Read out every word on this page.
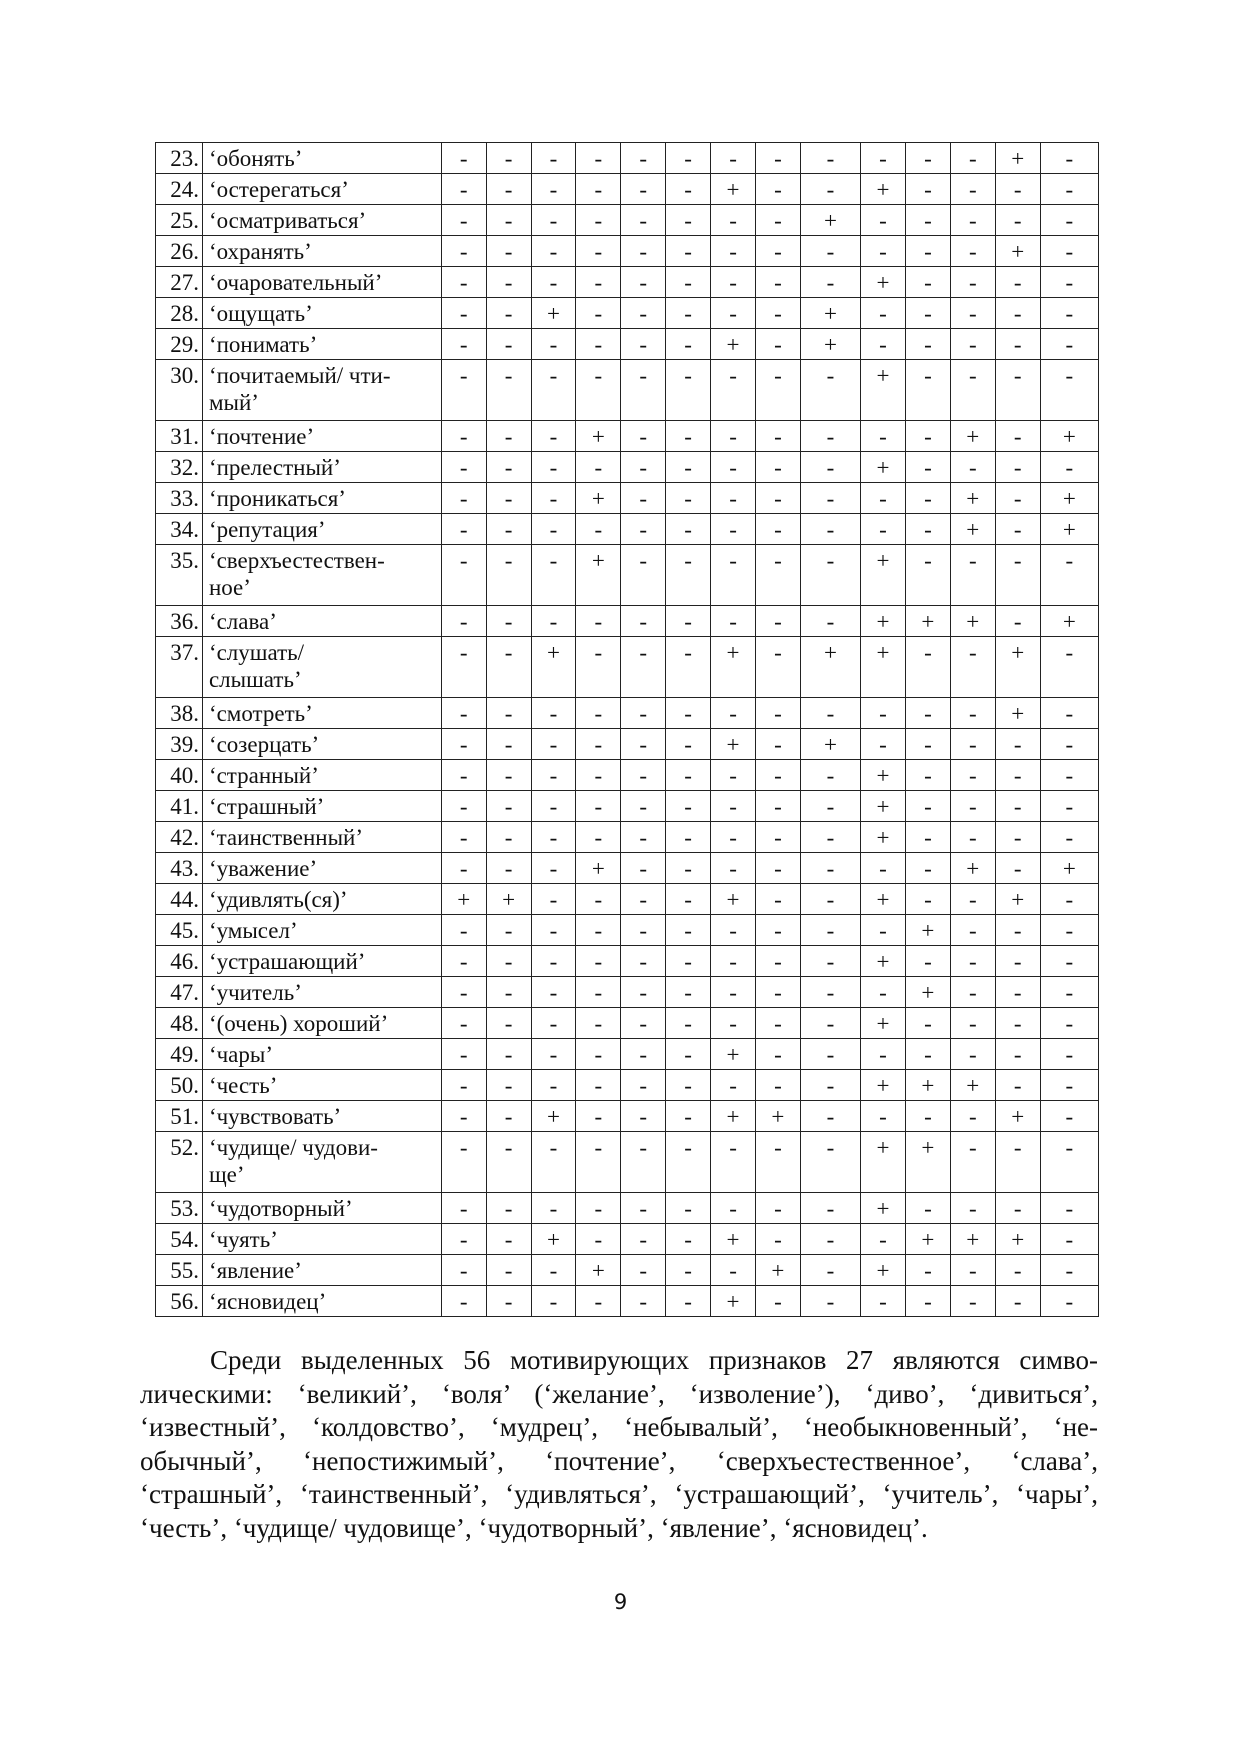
23.	‘обонять’	-	-	-	-	-	-	-	-	-	-	-	-	+	-
24.	‘остерегаться’	-	-	-	-	-	-	+	-	-	+	-	-	-	-
25.	‘осматриваться’	-	-	-	-	-	-	-	-	+	-	-	-	-	-
26.	‘охранять’	-	-	-	-	-	-	-	-	-	-	-	-	+	-
27.	‘очаровательный’	-	-	-	-	-	-	-	-	-	+	-	-	-	-
28.	‘ощущать’	-	-	+	-	-	-	-	-	+	-	-	-	-	-
29.	‘понимать’	-	-	-	-	-	-	+	-	+	-	-	-	-	-
30.	‘почитаемый/ чти-
мый’	-	-	-	-	-	-	-	-	-	+	-	-	-	-
31.	‘почтение’	-	-	-	+	-	-	-	-	-	-	-	+	-	+
32.	‘прелестный’	-	-	-	-	-	-	-	-	-	+	-	-	-	-
33.	‘проникаться’	-	-	-	+	-	-	-	-	-	-	-	+	-	+
34.	‘репутация’	-	-	-	-	-	-	-	-	-	-	-	+	-	+
35.	‘сверхъестествен-
ное’	-	-	-	+	-	-	-	-	-	+	-	-	-	-
36.	‘слава’	-	-	-	-	-	-	-	-	-	+	+	+	-	+
37.	‘слушать/
слышать’	-	-	+	-	-	-	+	-	+	+	-	-	+	-
38.	‘смотреть’	-	-	-	-	-	-	-	-	-	-	-	-	+	-
39.	‘созерцать’	-	-	-	-	-	-	+	-	+	-	-	-	-	-
40.	‘странный’	-	-	-	-	-	-	-	-	-	+	-	-	-	-
41.	‘страшный’	-	-	-	-	-	-	-	-	-	+	-	-	-	-
42.	‘таинственный’	-	-	-	-	-	-	-	-	-	+	-	-	-	-
43.	‘уважение’	-	-	-	+	-	-	-	-	-	-	-	+	-	+
44.	‘удивлять(ся)’	+	+	-	-	-	-	+	-	-	+	-	-	+	-
45.	‘умысел’	-	-	-	-	-	-	-	-	-	-	+	-	-	-
46.	‘устрашающий’	-	-	-	-	-	-	-	-	-	+	-	-	-	-
47.	‘учитель’	-	-	-	-	-	-	-	-	-	-	+	-	-	-
48.	‘(очень) хороший’	-	-	-	-	-	-	-	-	-	+	-	-	-	-
49.	‘чары’	-	-	-	-	-	-	+	-	-	-	-	-	-	-
50.	‘честь’	-	-	-	-	-	-	-	-	-	+	+	+	-	-
51.	‘чувствовать’	-	-	+	-	-	-	+	+	-	-	-	-	+	-
52.	‘чудище/ чудови-
ще’	-	-	-	-	-	-	-	-	-	+	+	-	-	-
53.	‘чудотворный’	-	-	-	-	-	-	-	-	-	+	-	-	-	-
54.	‘чуять’	-	-	+	-	-	-	+	-	-	-	+	+	+	-
55.	‘явление’	-	-	-	+	-	-	-	+	-	+	-	-	-	-
56.	‘ясновидец’	-	-	-	-	-	-	+	-	-	-	-	-	-	-

Среди выделенных 56 мотивирующих признаков 27 являются символическими: ‘великий’, ‘воля’ (‘желание’, ‘изволение’), ‘диво’, ‘дивиться’, ‘известный’, ‘колдовство’, ‘мудрец’, ‘небывалый’, ‘необыкновенный’, ‘необычный’, ‘непостижимый’, ‘почтение’, ‘сверхъестественное’, ‘слава’, ‘страшный’, ‘таинственный’, ‘удивляться’, ‘устрашающий’, ‘учитель’, ‘чары’, ‘честь’, ‘чудище/ чудовище’, ‘чудотворный’, ‘явление’, ‘ясновидец’.

9
